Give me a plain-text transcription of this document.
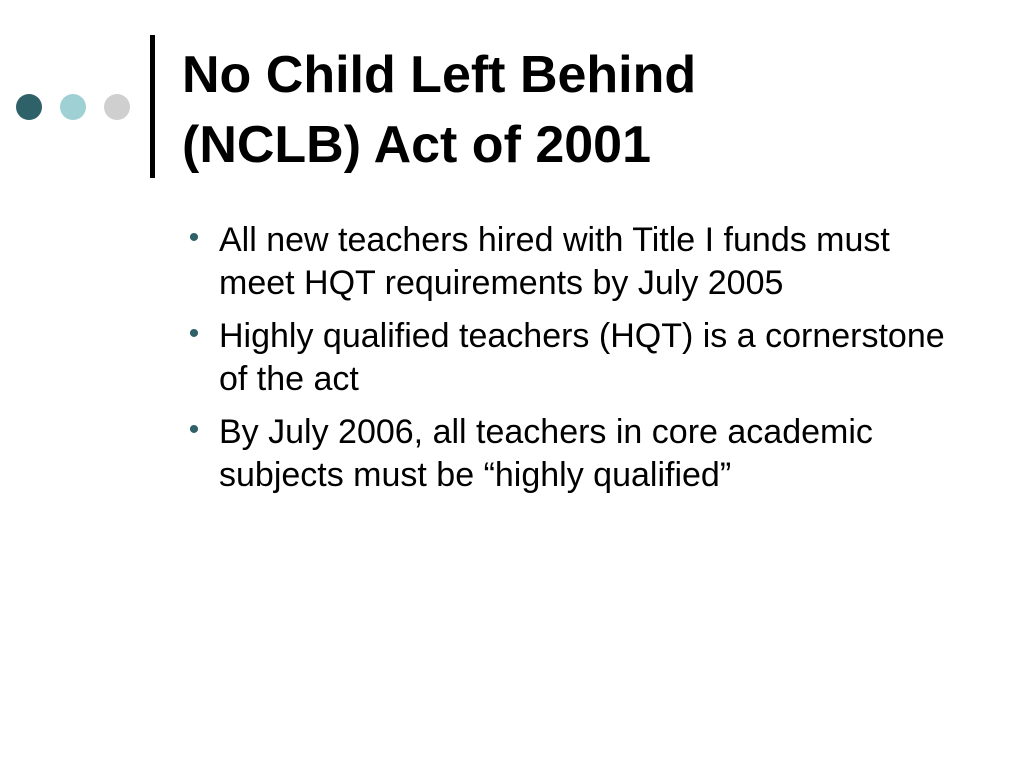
No Child Left Behind
(NCLB) Act of 2001
• All new teachers hired with Title I funds must meet HQT requirements by July 2005
• Highly qualified teachers (HQT) is a cornerstone of the act
• By July 2006, all teachers in core academic subjects must be “highly qualified”
